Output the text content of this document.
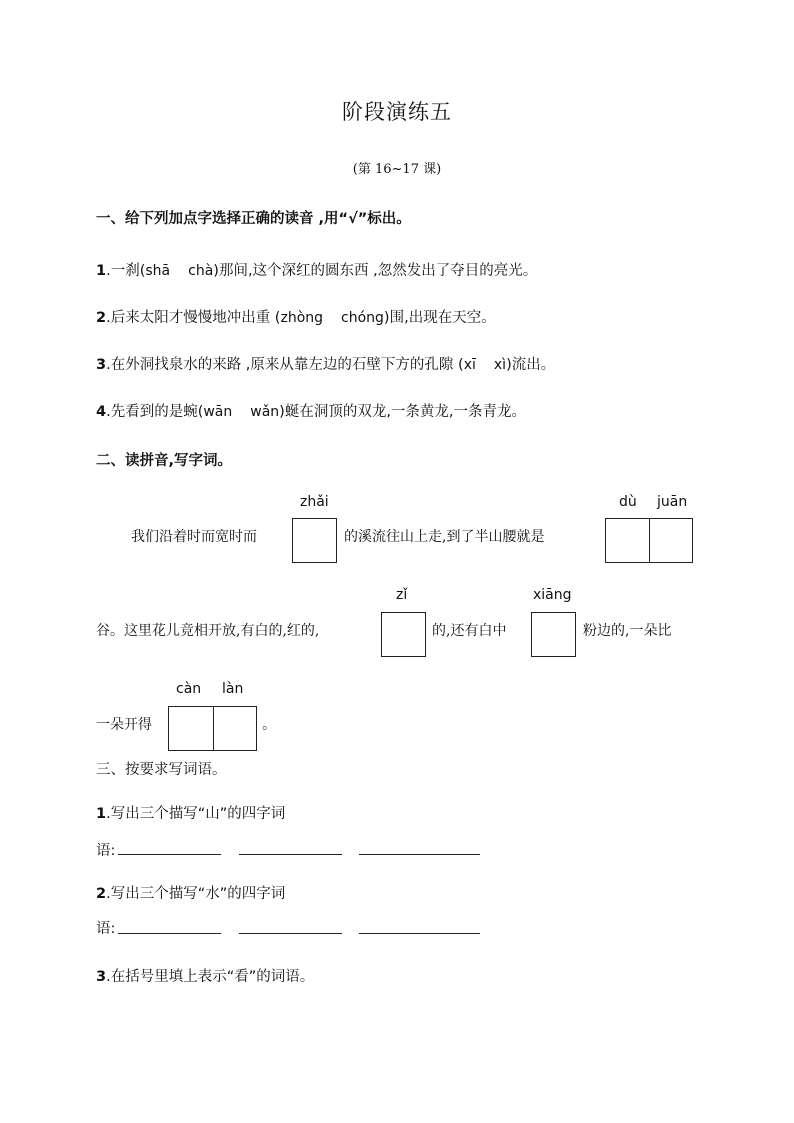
阶段演练五
(第 16~17 课)
一、给下列加点字选择正确的读音 ,用“√”标出。
1.一刹(shā chà)那间,这个深红的圆东西 ,忽然发出了夺目的亮光。
2.后来太阳才慢慢地冲出重 (zhòng chóng)围,出现在天空。
3.在外洞找泉水的来路 ,原来从靠左边的石壁下方的孔隙 (xī xì)流出。
4.先看到的是蜿(wān wǎn)蜒在洞顶的双龙,一条黄龙,一条青龙。
二、读拼音,写字词。
zhǎi	dù juān
我们沿着时而宽时而	的溪流往山上走,到了半山腰就是
zǐ	xiāng
谷。这里花儿竞相开放,有白的,红的,	的,还有白中	粉边的,一朵比
càn làn
一朵开得	。
三、按要求写词语。
1.写出三个描写“山”的四字词
语:
2.写出三个描写“水”的四字词
语:
3.在括号里填上表示“看”的词语。
